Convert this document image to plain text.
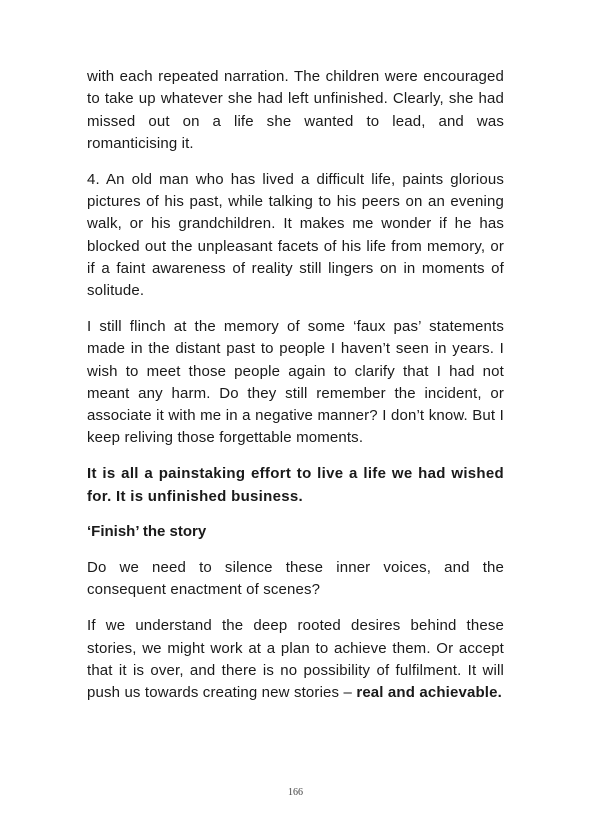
with each repeated narration. The children were encouraged to take up whatever she had left unfinished. Clearly, she had missed out on a life she wanted to lead, and was romanticising it.

4. An old man who has lived a difficult life, paints glorious pictures of his past, while talking to his peers on an evening walk, or his grandchildren. It makes me wonder if he has blocked out the unpleasant facets of his life from memory, or if a faint awareness of reality still lingers on in moments of solitude.

I still flinch at the memory of some ‘faux pas’ statements made in the distant past to people I haven’t seen in years. I wish to meet those people again to clarify that I had not meant any harm. Do they still remember the incident, or associate it with me in a negative manner? I don’t know. But I keep reliving those forgettable moments.

It is all a painstaking effort to live a life we had wished for. It is unfinished business.

‘Finish’ the story

Do we need to silence these inner voices, and the consequent enactment of scenes?

If we understand the deep rooted desires behind these stories, we might work at a plan to achieve them. Or accept that it is over, and there is no possibility of fulfilment. It will push us towards creating new stories – real and achievable.

166
